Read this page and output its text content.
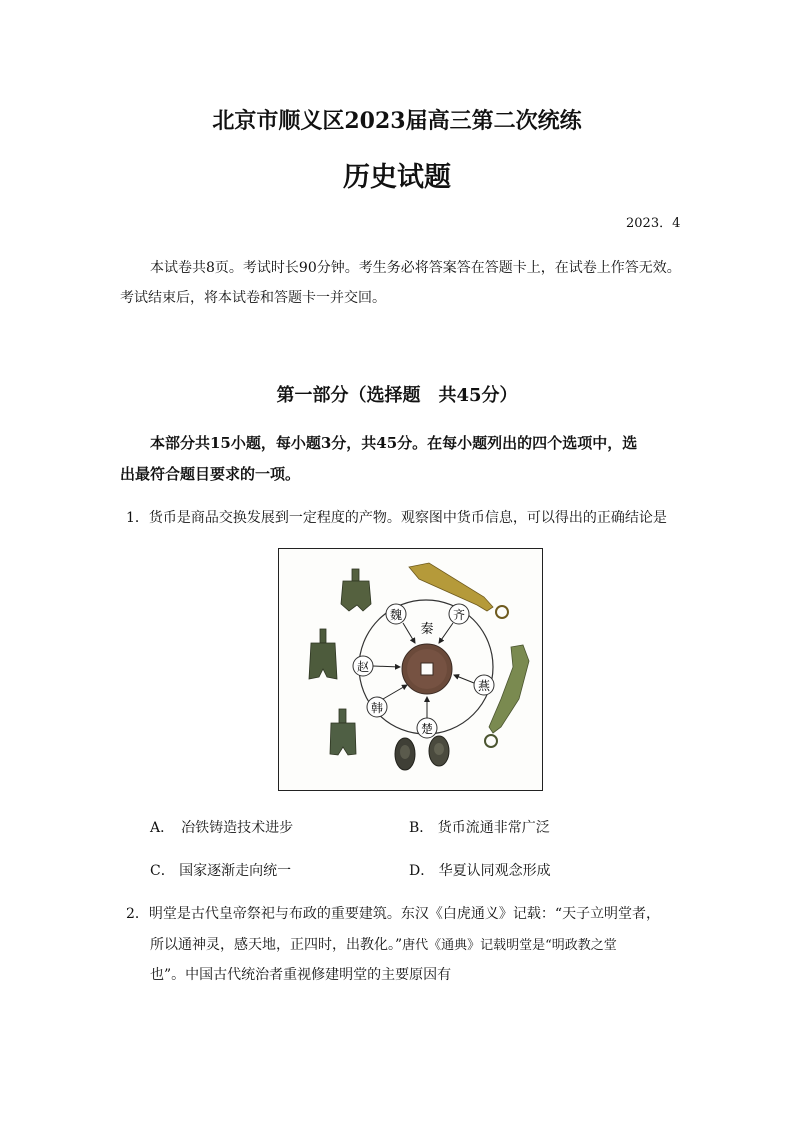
北京市顺义区2023届高三第二次统练
历史试题
2023．4
本试卷共8页。考试时长90分钟。考生务必将答案答在答题卡上，在试卷上作答无效。
考试结束后，将本试卷和答题卡一并交回。
第一部分（选择题　共45分）
本部分共15小题，每小题3分，共45分。在每小题列出的四个选项中，选
出最符合题目要求的一项。
1．货币是商品交换发展到一定程度的产物。观察图中货币信息，可以得出的正确结论是
秦
魏	齐
燕
楚
韩
赵
A．　冶铁铸造技术进步	B． 货币流通非常广泛
C． 国家逐渐走向统一	D． 华夏认同观念形成
2．明堂是古代皇帝祭祀与布政的重要建筑。东汉《白虎通义》记载：“天子立明堂者，
所以通神灵，感天地，正四时，出教化。”唐代《通典》记载明堂是“明政教之堂
也”。中国古代统治者重视修建明堂的主要原因有
